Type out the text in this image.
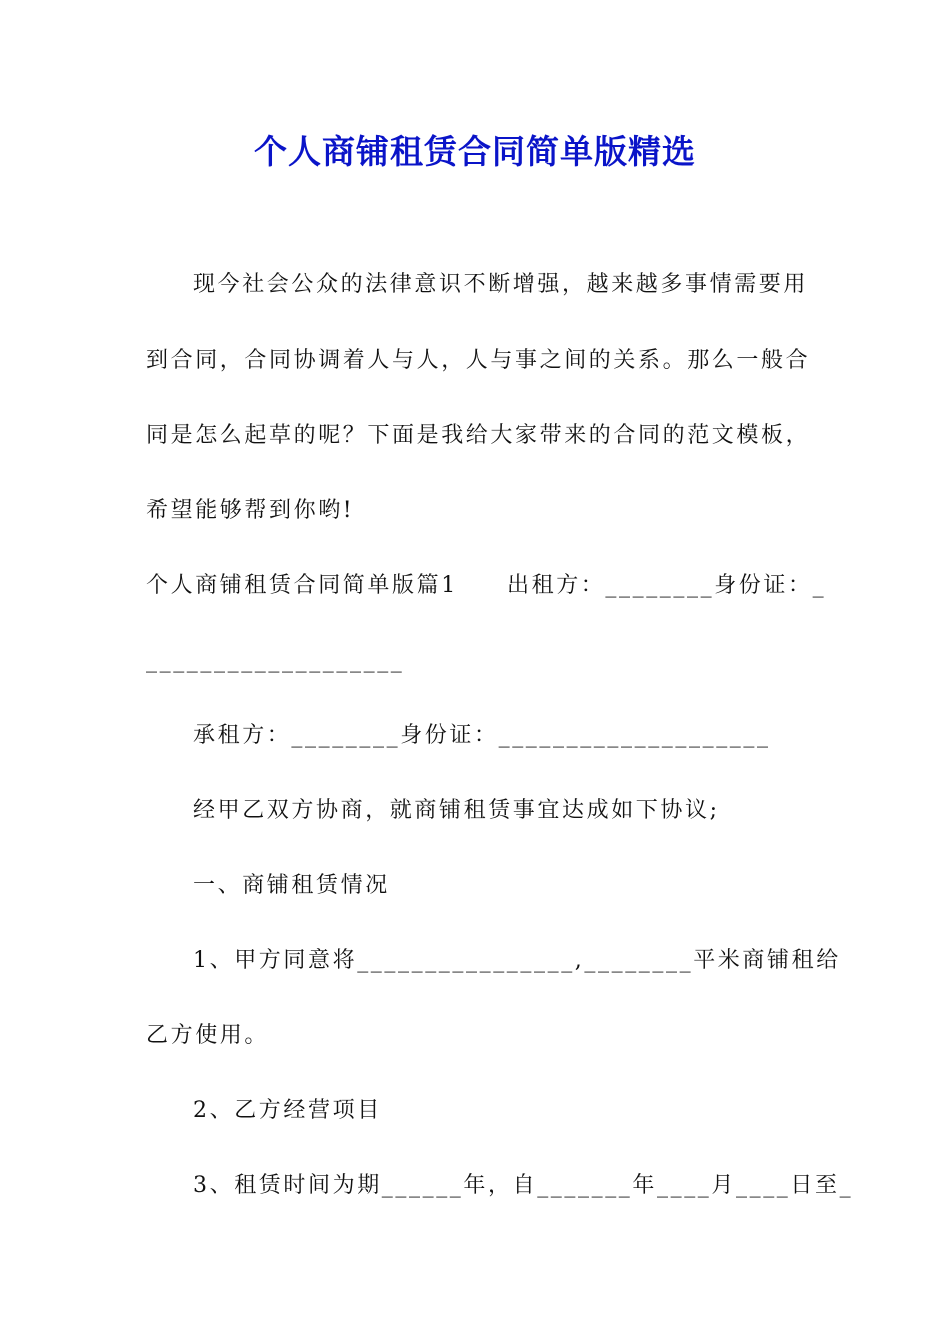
个人商铺租赁合同简单版精选

现今社会公众的法律意识不断增强，越来越多事情需要用

到合同，合同协调着人与人，人与事之间的关系。那么一般合

同是怎么起草的呢？下面是我给大家带来的合同的范文模板，

希望能够帮到你哟!

个人商铺租赁合同简单版篇1　　出租方：________身份证：_

___________________

承租方：________身份证：____________________

经甲乙双方协商，就商铺租赁事宜达成如下协议;

一、商铺租赁情况

1、甲方同意将________________,________平米商铺租给

乙方使用。

2、乙方经营项目

3、租赁时间为期______年，自_______年____月____日至_
